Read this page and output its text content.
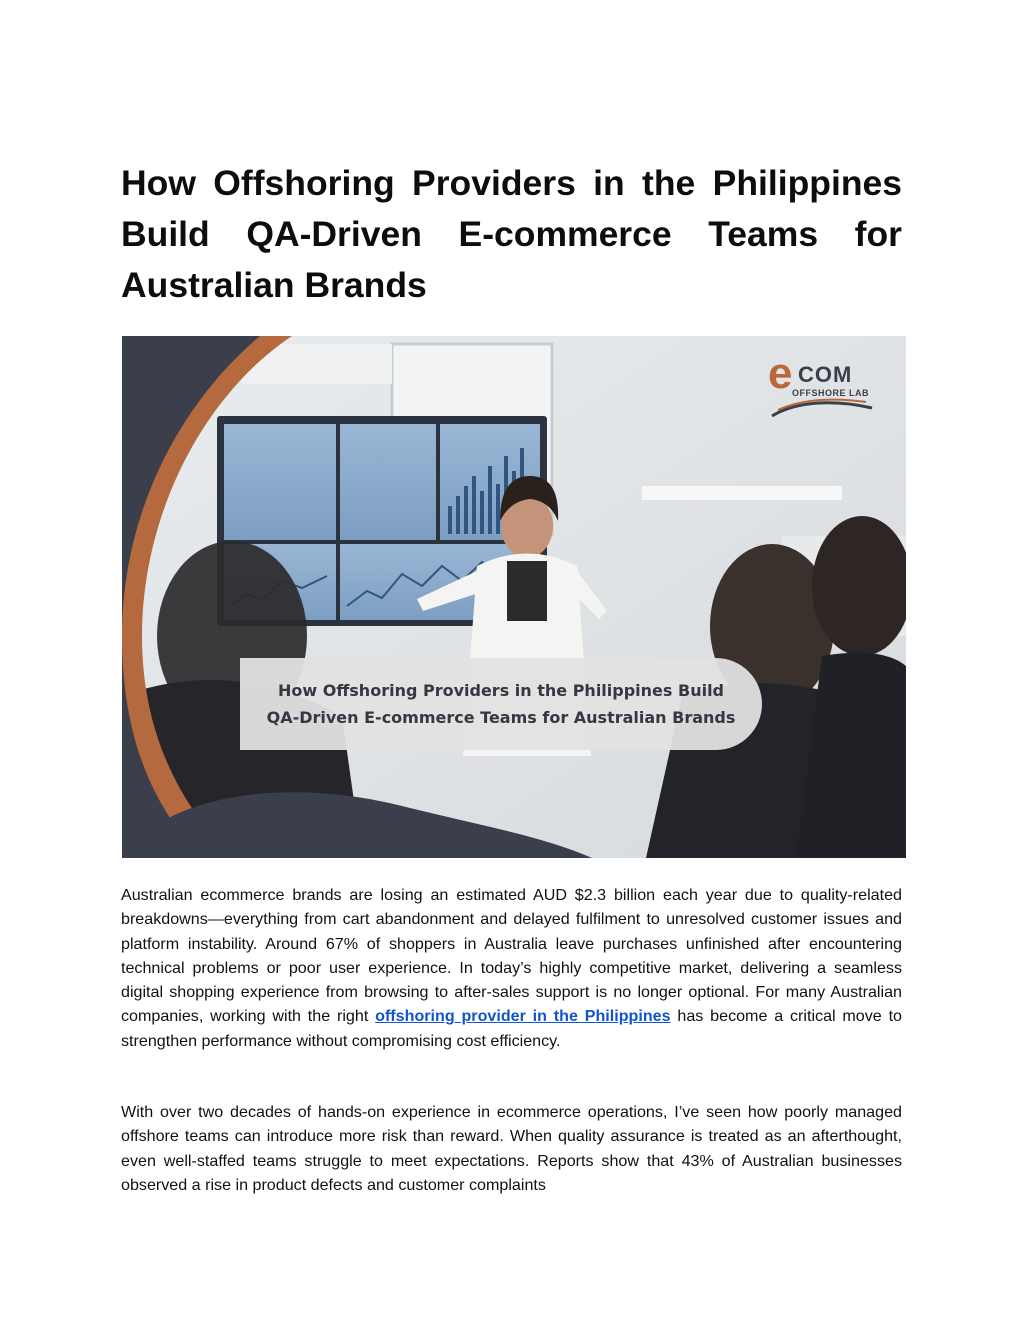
How Offshoring Providers in the Philippines Build QA-Driven E-commerce Teams for Australian Brands
e COM
OFFSHORE LAB
How Offshoring Providers in the Philippines Build QA-Driven E-commerce Teams for Australian Brands

Australian ecommerce brands are losing an estimated AUD $2.3 billion each year due to quality-related breakdowns—everything from cart abandonment and delayed fulfilment to unresolved customer issues and platform instability. Around 67% of shoppers in Australia leave purchases unfinished after encountering technical problems or poor user experience. In today’s highly competitive market, delivering a seamless digital shopping experience from browsing to after-sales support is no longer optional. For many Australian companies, working with the right offshoring provider in the Philippines has become a critical move to strengthen performance without compromising cost efficiency.

With over two decades of hands-on experience in ecommerce operations, I’ve seen how poorly managed offshore teams can introduce more risk than reward. When quality assurance is treated as an afterthought, even well-staffed teams struggle to meet expectations. Reports show that 43% of Australian businesses observed a rise in product defects and customer complaints
